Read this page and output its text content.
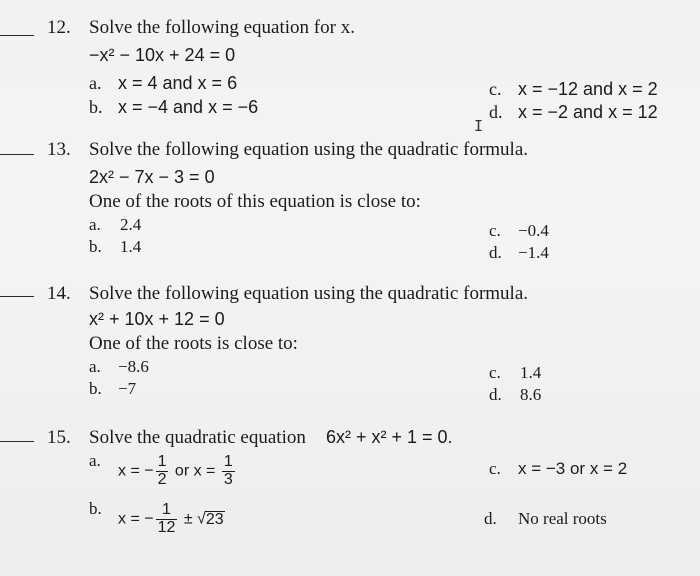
12. Solve the following equation for x.
−x² − 10x + 24 = 0
a. x = 4 and x = 6
b. x = −4 and x = −6
c. x = −12 and x = 2
d. x = −2 and x = 12
I
13. Solve the following equation using the quadratic formula.
2x² − 7x − 3 = 0
One of the roots of this equation is close to:
a. 2.4
b. 1.4
c. −0.4
d. −1.4
14. Solve the following equation using the quadratic formula.
x² + 10x + 12 = 0
One of the roots is close to:
a. −8.6
b. −7
c. 1.4
d. 8.6
15. Solve the quadratic equation 6x² + x² + 1 = 0.
a.
x = − $\frac{1}{2}$ or $x = \frac{1}{3}$
b.
x = − $\frac{1}{12} \pm √23$
c. x = −3 or x = 2
d. No real roots
